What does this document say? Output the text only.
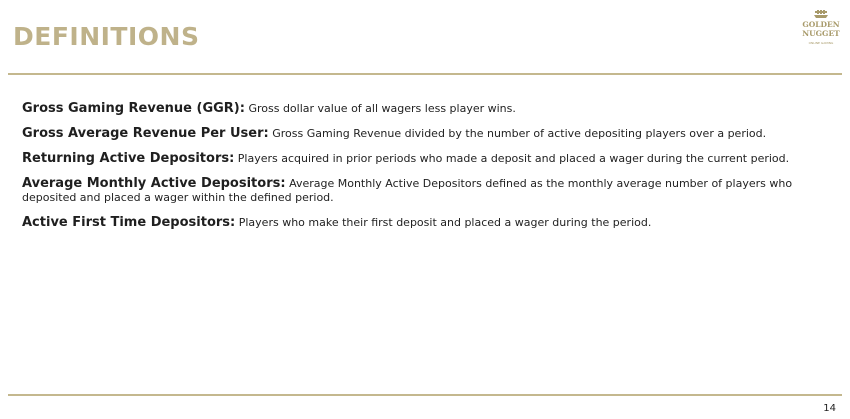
DEFINITIONS	GOLDEN
NUGGET
ONLINE GAMING

Gross Gaming Revenue (GGR): Gross dollar value of all wagers less player wins.

Gross Average Revenue Per User: Gross Gaming Revenue divided by the number of active depositing players over a period.

Returning Active Depositors: Players acquired in prior periods who made a deposit and placed a wager during the current period.

Average Monthly Active Depositors: Average Monthly Active Depositors defined as the monthly average number of players who deposited and placed a wager within the defined period.

Active First Time Depositors: Players who make their first deposit and placed a wager during the period.

14
